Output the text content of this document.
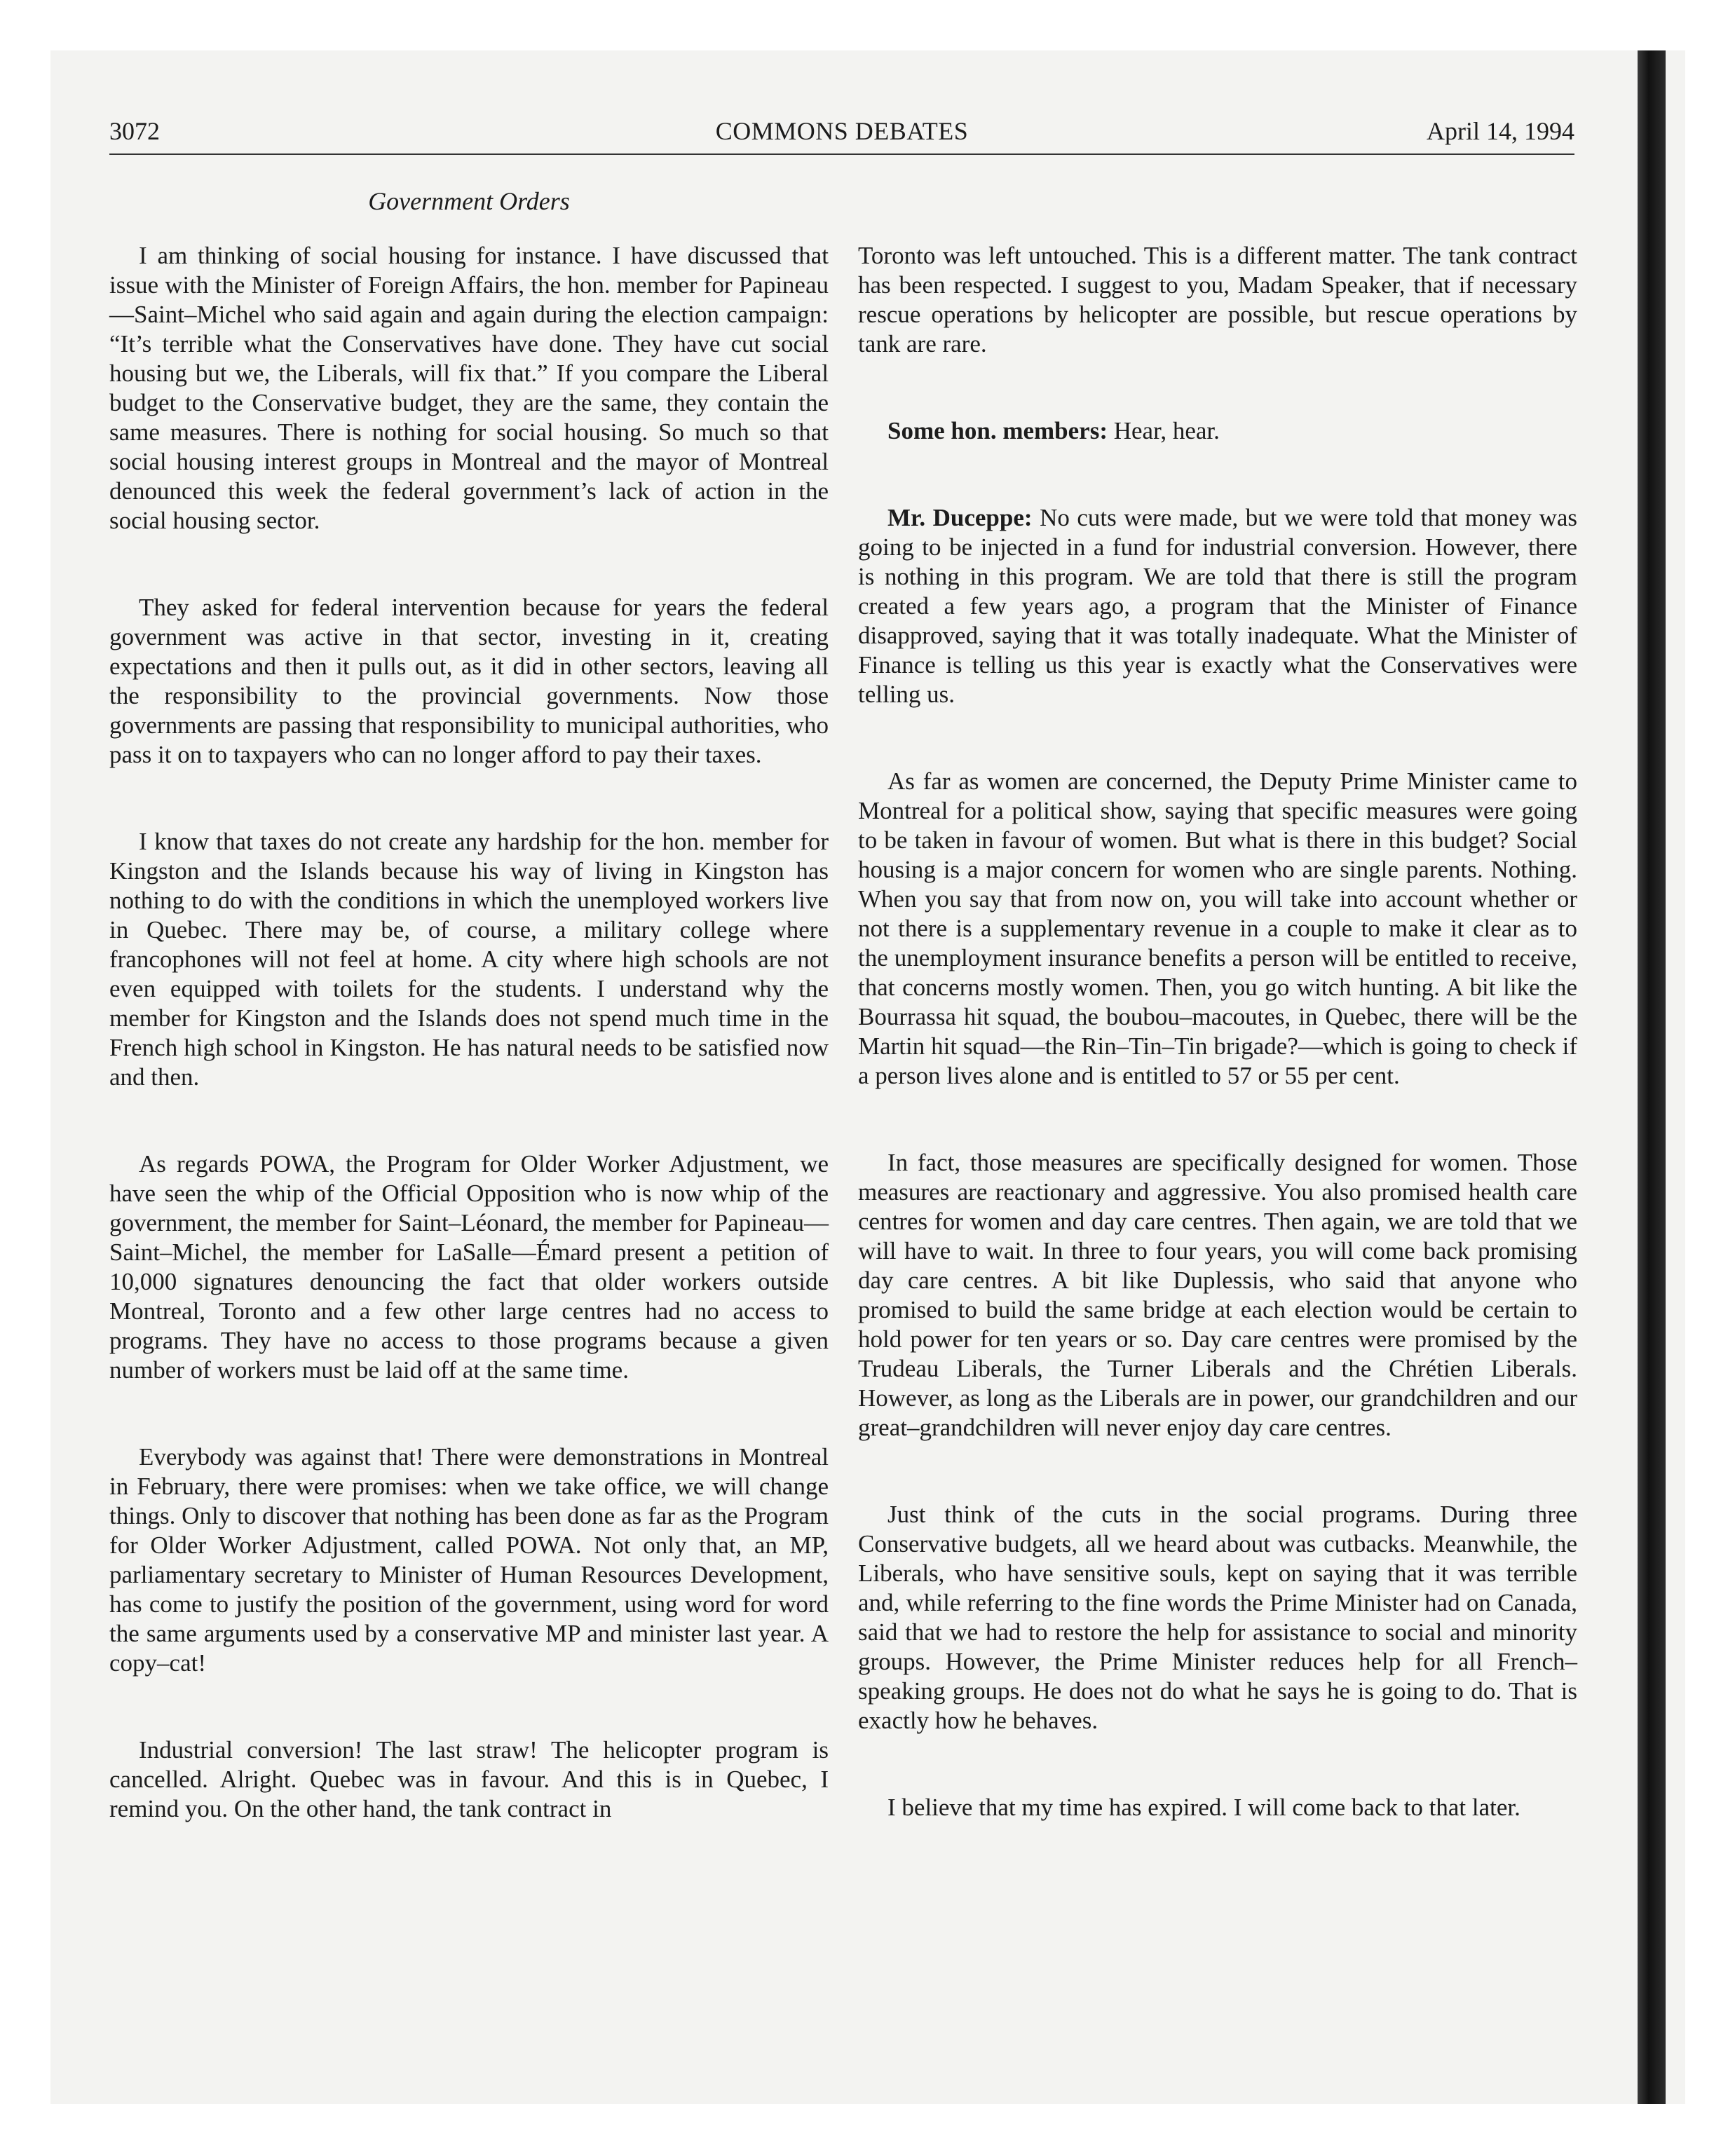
3072	COMMONS DEBATES	April 14, 1994
Government Orders

I am thinking of social housing for instance. I have discussed that issue with the Minister of Foreign Affairs, the hon. member for Papineau—Saint–Michel who said again and again during the election campaign: “It’s terrible what the Conservatives have done. They have cut social housing but we, the Liberals, will fix that.” If you compare the Liberal budget to the Conservative budget, they are the same, they contain the same measures. There is nothing for social housing. So much so that social housing interest groups in Montreal and the mayor of Montreal denounced this week the federal government’s lack of action in the social housing sector.

They asked for federal intervention because for years the federal government was active in that sector, investing in it, creating expectations and then it pulls out, as it did in other sectors, leaving all the responsibility to the provincial governments. Now those governments are passing that responsibility to municipal authorities, who pass it on to taxpayers who can no longer afford to pay their taxes.

I know that taxes do not create any hardship for the hon. member for Kingston and the Islands because his way of living in Kingston has nothing to do with the conditions in which the unemployed workers live in Quebec. There may be, of course, a military college where francophones will not feel at home. A city where high schools are not even equipped with toilets for the students. I understand why the member for Kingston and the Islands does not spend much time in the French high school in Kingston. He has natural needs to be satisfied now and then.

As regards POWA, the Program for Older Worker Adjustment, we have seen the whip of the Official Opposition who is now whip of the government, the member for Saint–Léonard, the member for Papineau—Saint–Michel, the member for LaSalle—Émard present a petition of 10,000 signatures denouncing the fact that older workers outside Montreal, Toronto and a few other large centres had no access to programs. They have no access to those programs because a given number of workers must be laid off at the same time.

Everybody was against that! There were demonstrations in Montreal in February, there were promises: when we take office, we will change things. Only to discover that nothing has been done as far as the Program for Older Worker Adjustment, called POWA. Not only that, an MP, parliamentary secretary to Minister of Human Resources Development, has come to justify the position of the government, using word for word the same arguments used by a conservative MP and minister last year. A copy–cat!

Industrial conversion! The last straw! The helicopter program is cancelled. Alright. Quebec was in favour. And this is in Quebec, I remind you. On the other hand, the tank contract in

Toronto was left untouched. This is a different matter. The tank contract has been respected. I suggest to you, Madam Speaker, that if necessary rescue operations by helicopter are possible, but rescue operations by tank are rare.

Some hon. members: Hear, hear.

Mr. Duceppe: No cuts were made, but we were told that money was going to be injected in a fund for industrial conversion. However, there is nothing in this program. We are told that there is still the program created a few years ago, a program that the Minister of Finance disapproved, saying that it was totally inadequate. What the Minister of Finance is telling us this year is exactly what the Conservatives were telling us.

As far as women are concerned, the Deputy Prime Minister came to Montreal for a political show, saying that specific measures were going to be taken in favour of women. But what is there in this budget? Social housing is a major concern for women who are single parents. Nothing. When you say that from now on, you will take into account whether or not there is a supplementary revenue in a couple to make it clear as to the unemployment insurance benefits a person will be entitled to receive, that concerns mostly women. Then, you go witch hunting. A bit like the Bourrassa hit squad, the boubou–macoutes, in Quebec, there will be the Martin hit squad—the Rin–Tin–Tin brigade?—which is going to check if a person lives alone and is entitled to 57 or 55 per cent.

In fact, those measures are specifically designed for women. Those measures are reactionary and aggressive. You also promised health care centres for women and day care centres. Then again, we are told that we will have to wait. In three to four years, you will come back promising day care centres. A bit like Duplessis, who said that anyone who promised to build the same bridge at each election would be certain to hold power for ten years or so. Day care centres were promised by the Trudeau Liberals, the Turner Liberals and the Chrétien Liberals. However, as long as the Liberals are in power, our grandchildren and our great–grandchildren will never enjoy day care centres.

Just think of the cuts in the social programs. During three Conservative budgets, all we heard about was cutbacks. Meanwhile, the Liberals, who have sensitive souls, kept on saying that it was terrible and, while referring to the fine words the Prime Minister had on Canada, said that we had to restore the help for assistance to social and minority groups. However, the Prime Minister reduces help for all French–speaking groups. He does not do what he says he is going to do. That is exactly how he behaves.

I believe that my time has expired. I will come back to that later.
